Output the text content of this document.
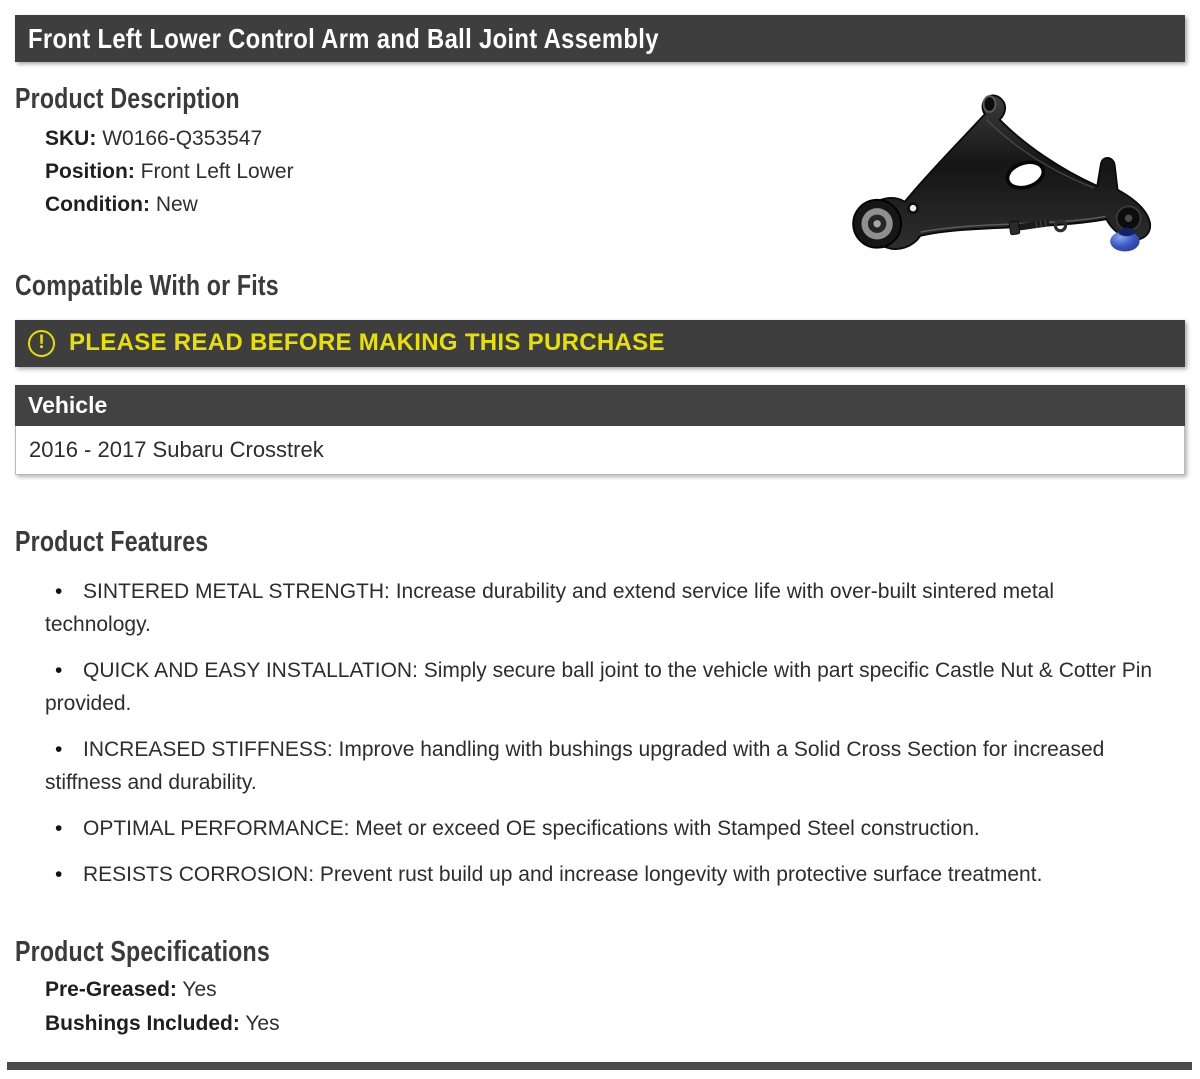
Front Left Lower Control Arm and Ball Joint Assembly
Product Description
SKU: W0166-Q353547
Position: Front Left Lower
Condition: New
Compatible With or Fits
!	PLEASE READ BEFORE MAKING THIS PURCHASE
Vehicle
2016 - 2017 Subaru Crosstrek
Product Features
• SINTERED METAL STRENGTH: Increase durability and extend service life with over-built sintered metal technology.
• QUICK AND EASY INSTALLATION: Simply secure ball joint to the vehicle with part specific Castle Nut & Cotter Pin provided.
• INCREASED STIFFNESS: Improve handling with bushings upgraded with a Solid Cross Section for increased stiffness and durability.
• OPTIMAL PERFORMANCE: Meet or exceed OE specifications with Stamped Steel construction.
• RESISTS CORROSION: Prevent rust build up and increase longevity with protective surface treatment.
Product Specifications
Pre-Greased: Yes
Bushings Included: Yes
